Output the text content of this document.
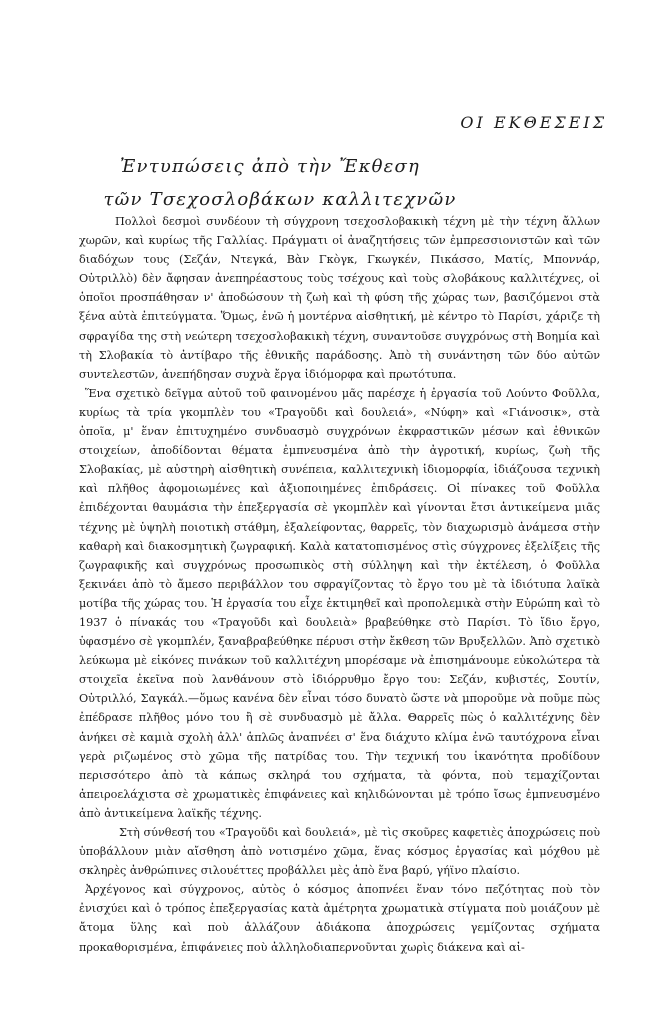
ΟΙ ΕΚΘΕΣΕΙΣ
Ἐντυπώσεις ἀπὸ τὴν Ἔκθεση
τῶν Τσεχοσλοβάκων καλλιτεχνῶν

Πολλοὶ δεσμοὶ συνδέουν τὴ σύγχρονη τσεχοσλοβακικὴ τέχνη μὲ τὴν τέχνη ἄλλων χωρῶν, καὶ κυρίως τῆς Γαλλίας. Πράγματι οἱ ἀναζητήσεις τῶν ἐμπρεσσιονιστῶν καὶ τῶν διαδόχων τους (Σεζάν, Ντεγκά, Βὰν Γκὸγκ, Γκωγκέν, Πικάσσο, Ματίς, Μποννάρ, Οὐτριλλὸ) δὲν ἄφησαν ἀνεπηρέαστους τοὺς τσέχους καὶ τοὺς σλοβάκους καλλιτέχνες, οἱ ὁποῖοι προσπάθησαν ν' ἀποδώσουν τὴ ζωὴ καὶ τὴ φύση τῆς χώρας των, βασιζόμενοι στὰ ξένα αὐτὰ ἐπιτεύγματα. Ὅμως, ἐνῶ ἡ μοντέρνα αἰσθητική, μὲ κέντρο τὸ Παρίσι, χάριζε τὴ σφραγίδα της στὴ νεώτερη τσεχοσλοβακικὴ τέχνη, συναντοῦσε συγχρόνως στὴ Βοημία καὶ τὴ Σλοβακία τὸ ἀντίβαρο τῆς ἐθνικῆς παράδοσης. Ἀπὸ τὴ συνάντηση τῶν δύο αὐτῶν συντελεστῶν, ἀνεπήδησαν συχνὰ ἔργα ἰδιόμορφα καὶ πρωτότυπα.

Ἕνα σχετικὸ δεῖγμα αὐτοῦ τοῦ φαινομένου μᾶς παρέσχε ἡ ἐργασία τοῦ Λούντο Φοῦλλα, κυρίως τὰ τρία γκομπλὲν του «Τραγοῦδι καὶ δουλειά», «Νύφη» καὶ «Γιάνοσικ», στὰ ὁποῖα, μ' ἕναν ἐπιτυχημένο συνδυασμὸ συγχρόνων ἐκφραστικῶν μέσων καὶ ἐθνικῶν στοιχείων, ἀποδίδονται θέματα ἐμπνευσμένα ἀπὸ τὴν ἀγροτική, κυρίως, ζωὴ τῆς Σλοβακίας, μὲ αὐστηρὴ αἰσθητικὴ συνέπεια, καλλιτεχνικὴ ἰδιομορφία, ἰδιάζουσα τεχνικὴ καὶ πλῆθος ἀφομοιωμένες καὶ ἀξιοποιημένες ἐπιδράσεις. Οἱ πίνακες τοῦ Φοῦλλα ἐπιδέχονται θαυμάσια τὴν ἐπεξεργασία σὲ γκομπλὲν καὶ γίνονται ἔτσι ἀντικείμενα μιᾶς τέχνης μὲ ὑψηλὴ ποιοτικὴ στάθμη, ἐξαλείφοντας, θαρρεῖς, τὸν διαχωρισμὸ ἀνάμεσα στὴν καθαρὴ καὶ διακοσμητικὴ ζωγραφική. Καλὰ κατατοπισμένος στὶς σύγχρονες ἐξελίξεις τῆς ζωγραφικῆς καὶ συγχρόνως προσωπικὸς στὴ σύλληψη καὶ τὴν ἐκτέλεση, ὁ Φοῦλλα ξεκινάει ἀπὸ τὸ ἄμεσο περιβάλλον του σφραγίζοντας τὸ ἔργο του μὲ τὰ ἰδιότυπα λαϊκὰ μοτίβα τῆς χώρας του. Ἡ ἐργασία του εἶχε ἐκτιμηθεῖ καὶ προπολεμικὰ στὴν Εὐρώπη καὶ τὸ 1937 ὁ πίνακάς του «Τραγοῦδι καὶ δουλειὰ» βραβεύθηκε στὸ Παρίσι. Τὸ ἴδιο ἔργο, ὑφασμένο σὲ γκομπλέν, ξαναβραβεύθηκε πέρυσι στὴν ἔκθεση τῶν Βρυξελλῶν. Ἀπὸ σχετικὸ λεύκωμα μὲ εἰκόνες πινάκων τοῦ καλλιτέχνη μπορέσαμε νὰ ἐπισημάνουμε εὐκολώτερα τὰ στοιχεῖα ἐκεῖνα ποὺ λανθάνουν στὸ ἰδιόρρυθμο ἔργο του: Σεζάν, κυβιστές, Σουτίν, Οὐτριλλό, Σαγκάλ.—ὅμως κανένα δὲν εἶναι τόσο δυνατὸ ὥστε νὰ μποροῦμε νὰ ποῦμε πὼς ἐπέδρασε πλῆθος μόνο του ἢ σὲ συνδυασμὸ μὲ ἄλλα. Θαρρεῖς πὼς ὁ καλλιτέχνης δὲν ἀνήκει σὲ καμιὰ σχολὴ ἀλλ' ἁπλῶς ἀναπνέει σ' ἕνα διάχυτο κλίμα ἐνῶ ταυτόχρονα εἶναι γερὰ ριζωμένος στὸ χῶμα τῆς πατρίδας του. Τὴν τεχνική του ἱκανότητα προδίδουν περισσότερο ἀπὸ τὰ κάπως σκληρά του σχήματα, τὰ φόντα, ποὺ τεμαχίζονται ἀπειροελάχιστα σὲ χρωματικὲς ἐπιφάνειες καὶ κηλιδώνονται μὲ τρόπο ἴσως ἐμπνευσμένο ἀπὸ ἀντικείμενα λαϊκῆς τέχνης.

Στὴ σύνθεσή του «Τραγοῦδι καὶ δουλειά», μὲ τὶς σκοῦρες καφετιὲς ἀποχρώσεις ποὺ ὑποβάλλουν μιὰν αἴσθηση ἀπὸ νοτισμένο χῶμα, ἕνας κόσμος ἐργασίας καὶ μόχθου μὲ σκληρὲς ἀνθρώπινες σιλουέττες προβάλλει μὲς ἀπὸ ἕνα βαρύ, γήϊνο πλαίσιο.

Ἀρχέγονος καὶ σύγχρονος, αὐτὸς ὁ κόσμος ἀποπνέει ἕναν τόνο πεζότητας ποὺ τὸν ἐνισχύει καὶ ὁ τρόπος ἐπεξεργασίας κατὰ ἀμέτρητα χρωματικὰ στίγματα ποὺ μοιάζουν μὲ ἄτομα ὕλης καὶ ποὺ ἀλλάζουν ἀδιάκοπα ἀποχρώσεις γεμίζοντας σχήματα προκαθορισμένα, ἐπιφάνειες ποὺ ἀλληλοδιαπερνοῦνται χωρὶς διάκενα καὶ αἰ-
